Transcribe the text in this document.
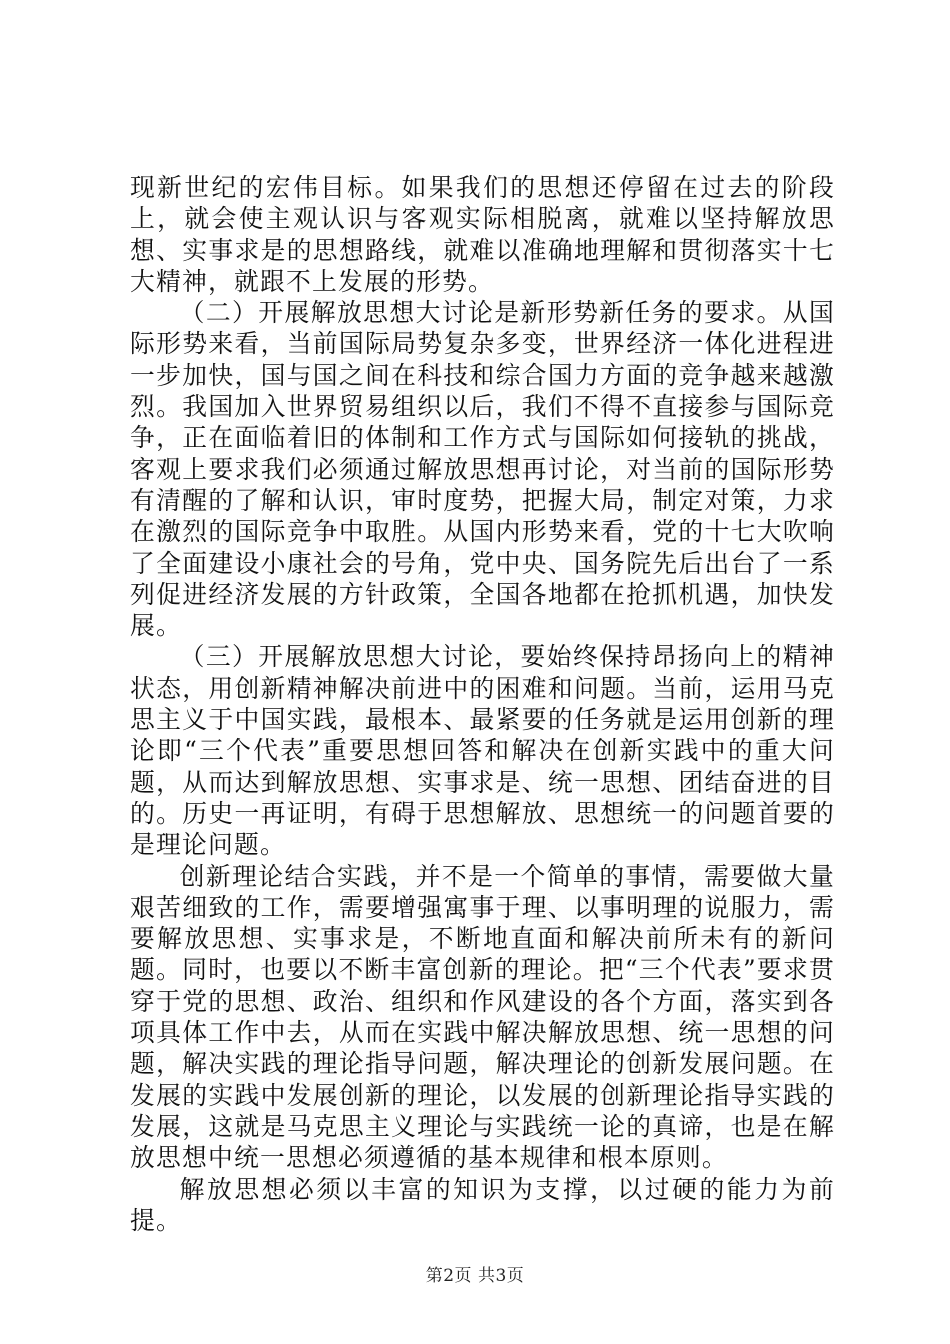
现新世纪的宏伟目标。如果我们的思想还停留在过去的阶段上，就会使主观认识与客观实际相脱离，就难以坚持解放思想、实事求是的思想路线，就难以准确地理解和贯彻落实十七大精神，就跟不上发展的形势。

（二）开展解放思想大讨论是新形势新任务的要求。从国际形势来看，当前国际局势复杂多变，世界经济一体化进程进一步加快，国与国之间在科技和综合国力方面的竞争越来越激烈。我国加入世界贸易组织以后，我们不得不直接参与国际竞争，正在面临着旧的体制和工作方式与国际如何接轨的挑战，客观上要求我们必须通过解放思想再讨论，对当前的国际形势有清醒的了解和认识，审时度势，把握大局，制定对策，力求在激烈的国际竞争中取胜。从国内形势来看，党的十七大吹响了全面建设小康社会的号角，党中央、国务院先后出台了一系列促进经济发展的方针政策，全国各地都在抢抓机遇，加快发展。

（三）开展解放思想大讨论，要始终保持昂扬向上的精神状态，用创新精神解决前进中的困难和问题。当前，运用马克思主义于中国实践，最根本、最紧要的任务就是运用创新的理论即“三个代表”重要思想回答和解决在创新实践中的重大问题，从而达到解放思想、实事求是、统一思想、团结奋进的目的。历史一再证明，有碍于思想解放、思想统一的问题首要的是理论问题。

创新理论结合实践，并不是一个简单的事情，需要做大量艰苦细致的工作，需要增强寓事于理、以事明理的说服力，需要解放思想、实事求是，不断地直面和解决前所未有的新问题。同时，也要以不断丰富创新的理论。把“三个代表”要求贯穿于党的思想、政治、组织和作风建设的各个方面，落实到各项具体工作中去，从而在实践中解决解放思想、统一思想的问题，解决实践的理论指导问题，解决理论的创新发展问题。在发展的实践中发展创新的理论，以发展的创新理论指导实践的发展，这就是马克思主义理论与实践统一论的真谛，也是在解放思想中统一思想必须遵循的基本规律和根本原则。

解放思想必须以丰富的知识为支撑，以过硬的能力为前提。

第2页 共3页
